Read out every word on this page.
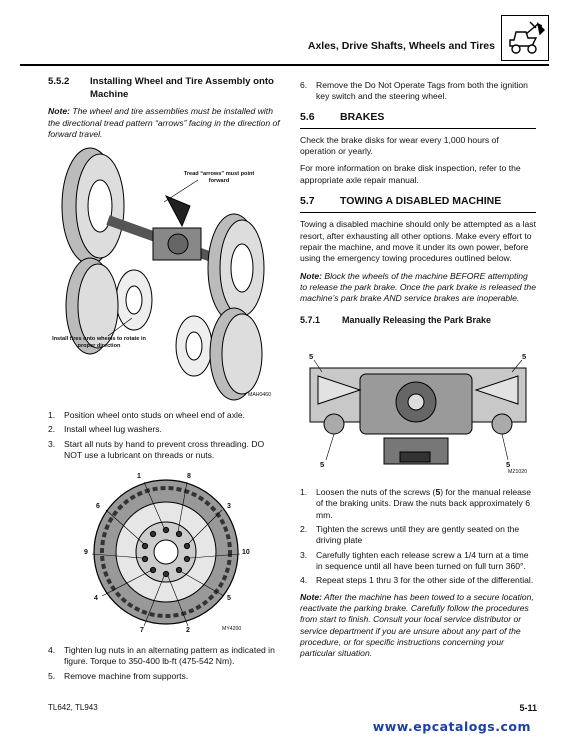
Axles, Drive Shafts, Wheels and Tires
5.5.2	Installing Wheel and Tire Assembly onto Machine

Note: The wheel and tire assemblies must be installed with the directional tread pattern “arrows” facing in the direction of forward travel.

Tread “arrows” must point forward
Install tires onto wheels to rotate in proper direction
MAH0460
1.	Position wheel onto studs on wheel end of axle.
2.	Install wheel lug washers.
3.	Start all nuts by hand to prevent cross threading. DO NOT use a lubricant on threads or nuts.
1	8
6	3
9	10
4	5
7	2	MY4200
4.	Tighten lug nuts in an alternating pattern as indicated in figure. Torque to 350-400 lb-ft (475-542 Nm).
5.	Remove machine from supports.
6.	Remove the Do Not Operate Tags from both the ignition key switch and the steering wheel.
5.6	BRAKES

Check the brake disks for wear every 1,000 hours of operation or yearly.

For more information on brake disk inspection, refer to the appropriate axle repair manual.

5.7	TOWING A DISABLED MACHINE

Towing a disabled machine should only be attempted as a last resort, after exhausting all other options. Make every effort to repair the machine, and move it under its own power, before using the emergency towing procedures outlined below.

Note: Block the wheels of the machine BEFORE attempting to release the park brake. Once the park brake is released the machine’s park brake AND service brakes are inoperable.

5.7.1	Manually Releasing the Park Brake
5	5
5	5
MZ1020
1.	Loosen the nuts of the screws (5) for the manual release of the braking units. Draw the nuts back approximately 6 mm.
2.	Tighten the screws until they are gently seated on the driving plate
3.	Carefully tighten each release screw a 1/4 turn at a time in sequence until all have been turned on full turn 360°.
4.	Repeat steps 1 thru 3 for the other side of the differential.

Note: After the machine has been towed to a secure location, reactivate the parking brake. Carefully follow the procedures from start to finish. Consult your local service distributor or service department if you are unsure about any part of the procedure, or for specific instructions concerning your particular situation.

TL642, TL943	5-11
www.epcatalogs.com
